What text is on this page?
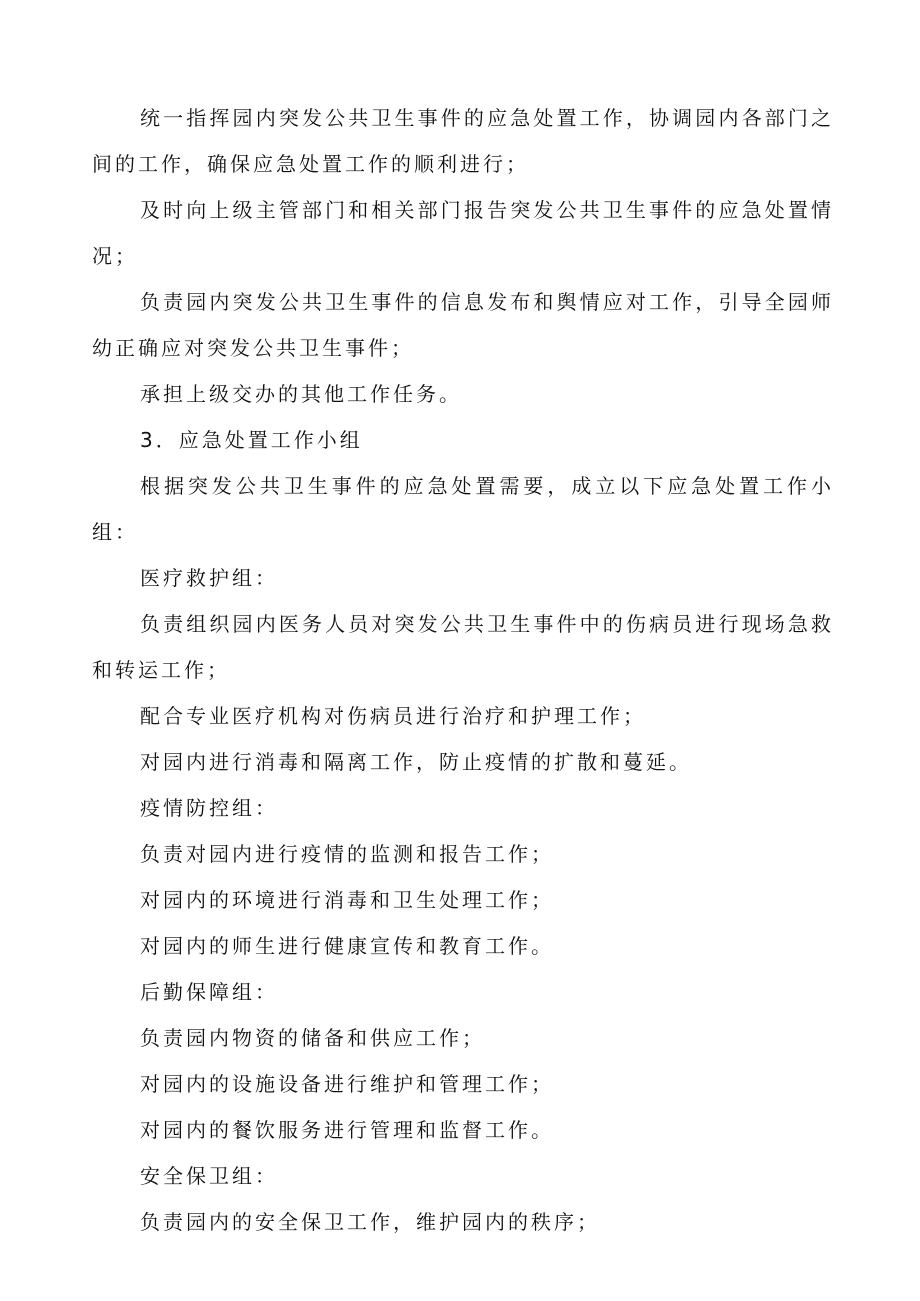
统一指挥园内突发公共卫生事件的应急处置工作，协调园内各部门之间的工作，确保应急处置工作的顺利进行；

及时向上级主管部门和相关部门报告突发公共卫生事件的应急处置情况；

负责园内突发公共卫生事件的信息发布和舆情应对工作，引导全园师幼正确应对突发公共卫生事件；

承担上级交办的其他工作任务。

3．应急处置工作小组

根据突发公共卫生事件的应急处置需要，成立以下应急处置工作小组：

医疗救护组：

负责组织园内医务人员对突发公共卫生事件中的伤病员进行现场急救和转运工作；

配合专业医疗机构对伤病员进行治疗和护理工作；

对园内进行消毒和隔离工作，防止疫情的扩散和蔓延。

疫情防控组：

负责对园内进行疫情的监测和报告工作；

对园内的环境进行消毒和卫生处理工作；

对园内的师生进行健康宣传和教育工作。

后勤保障组：

负责园内物资的储备和供应工作；

对园内的设施设备进行维护和管理工作；

对园内的餐饮服务进行管理和监督工作。

安全保卫组：

负责园内的安全保卫工作，维护园内的秩序；
